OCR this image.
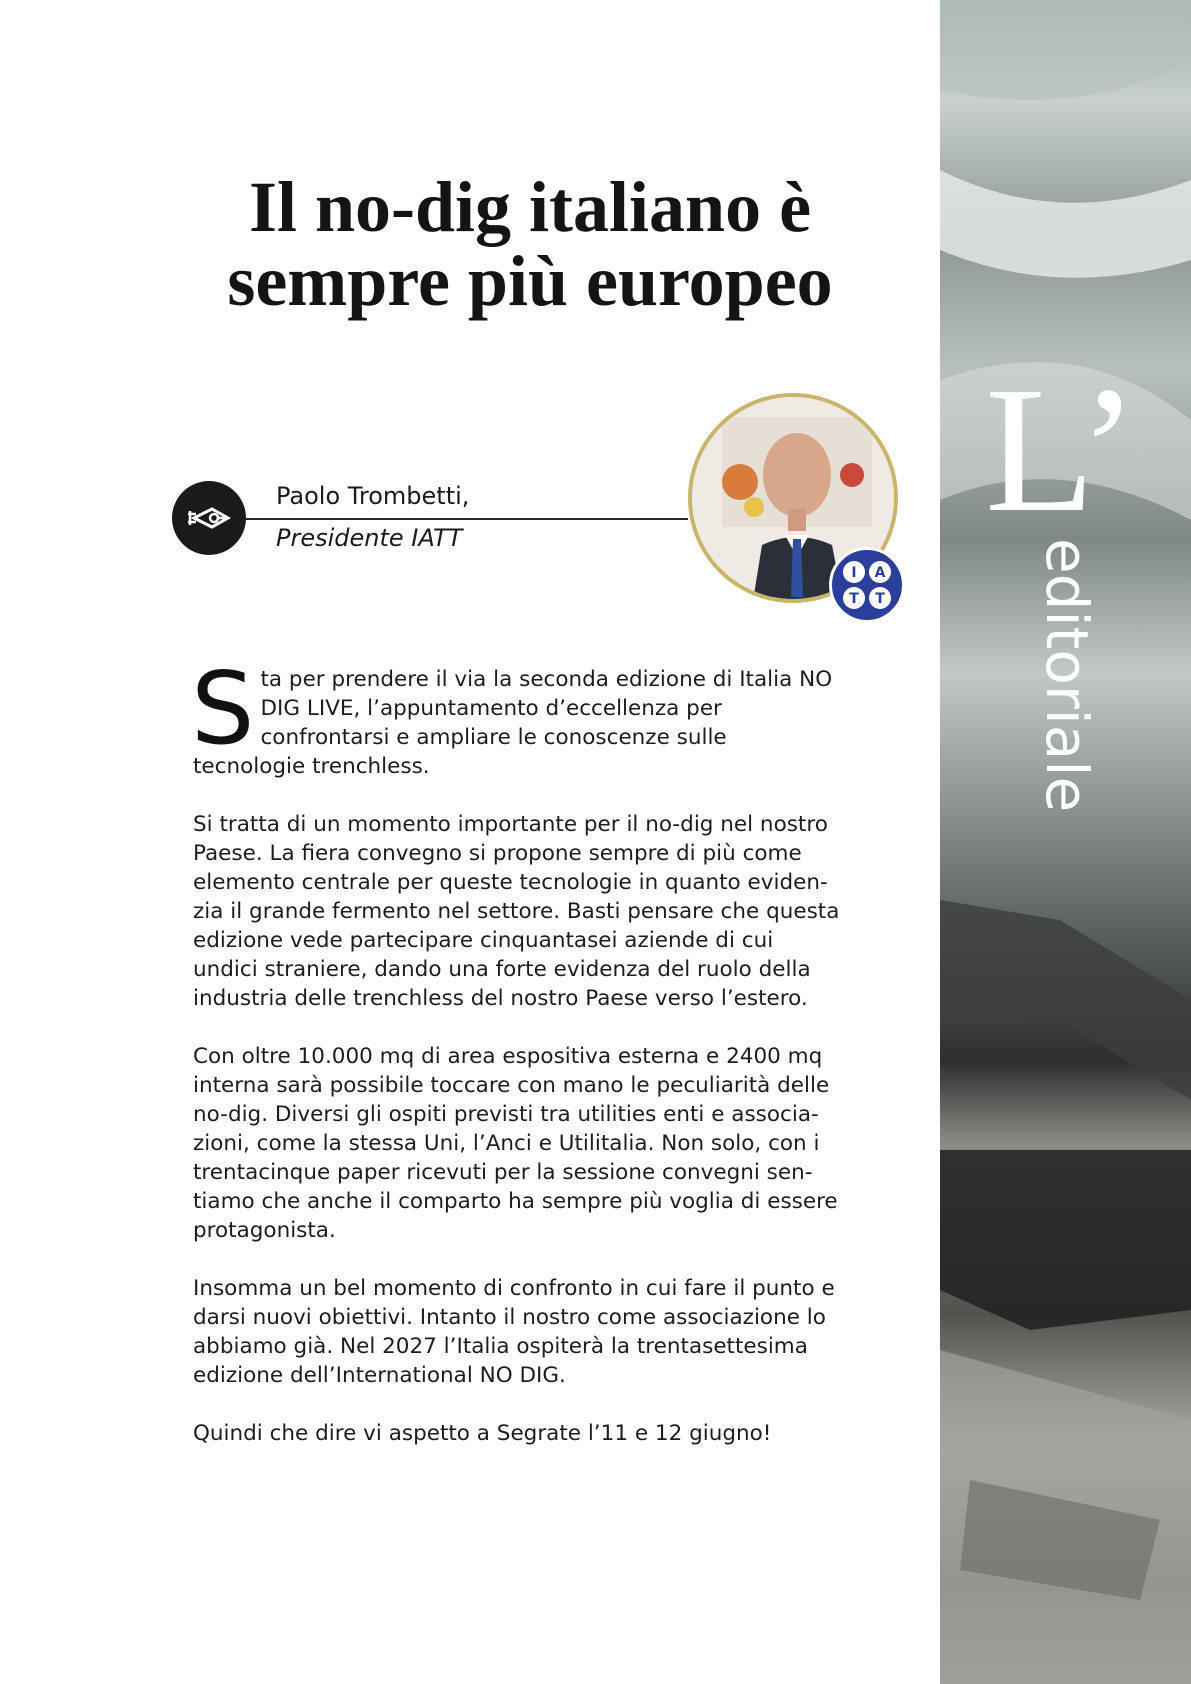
Il no-dig italiano è
sempre più europeo
Paolo Trombetti,
Presidente IATT
I A
T T

Sta per prendere il via la seconda edizione di Italia NO DIG LIVE, l’appuntamento d’eccellenza per confrontarsi e ampliare le conoscenze sulle tecnologie trenchless.

Si tratta di un momento importante per il no-dig nel nostro Paese. La fiera convegno si propone sempre di più come elemento centrale per queste tecnologie in quanto eviden-zia il grande fermento nel settore. Basti pensare che questa edizione vede partecipare cinquantasei aziende di cui undici straniere, dando una forte evidenza del ruolo della industria delle trenchless del nostro Paese verso l’estero.

Con oltre 10.000 mq di area espositiva esterna e 2400 mq interna sarà possibile toccare con mano le peculiarità delle no-dig. Diversi gli ospiti previsti tra utilities enti e associa-zioni, come la stessa Uni, l’Anci e Utilitalia. Non solo, con i trentacinque paper ricevuti per la sessione convegni sen-tiamo che anche il comparto ha sempre più voglia di essere protagonista.

Insomma un bel momento di confronto in cui fare il punto e darsi nuovi obiettivi. Intanto il nostro come associazione lo abbiamo già. Nel 2027 l’Italia ospiterà la trentasettesima edizione dell’International NO DIG.

Quindi che dire vi aspetto a Segrate l’11 e 12 giugno!

L’
editoriale
